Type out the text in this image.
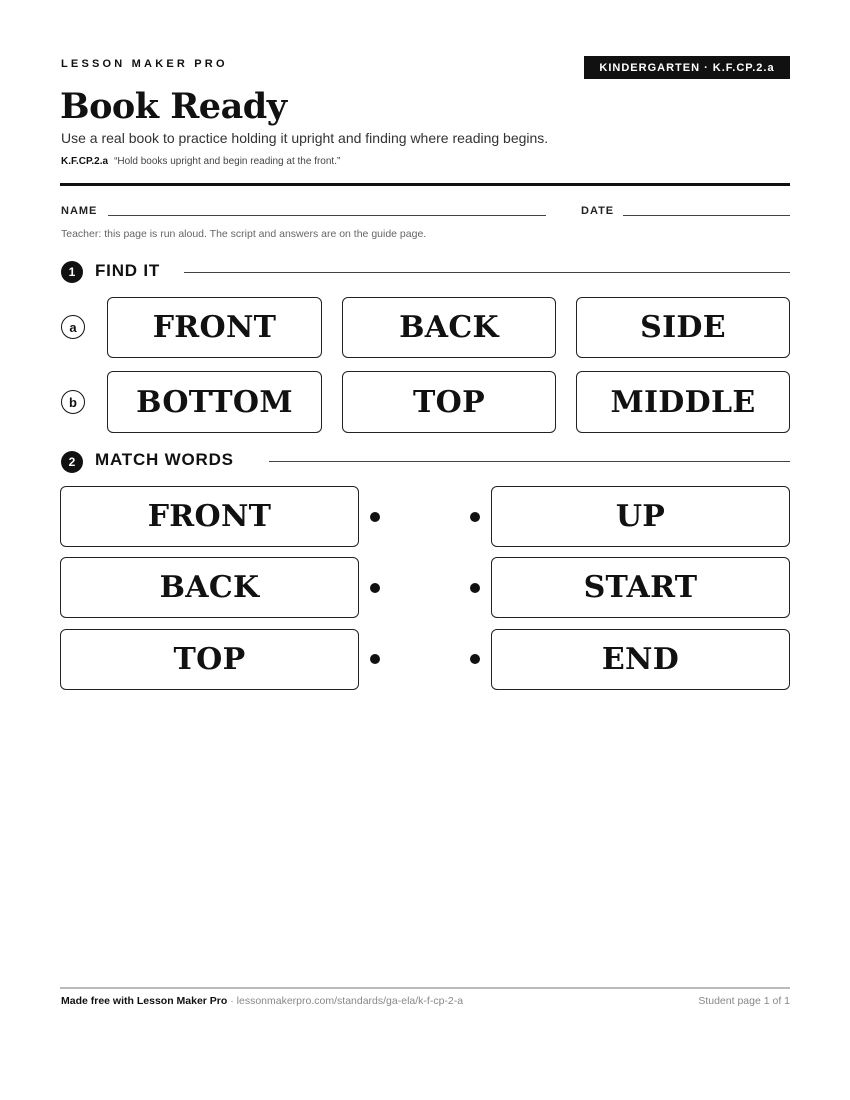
LESSON MAKER PRO	KINDERGARTEN · K.F.CP.2.a
Book Ready
Use a real book to practice holding it upright and finding where reading begins.
K.F.CP.2.a “Hold books upright and begin reading at the front.”
NAME	DATE
Teacher: this page is run aloud. The script and answers are on the guide page.
1	FIND IT
a	FRONT	BACK	SIDE
b	BOTTOM	TOP	MIDDLE
2	MATCH WORDS
FRONT	UP
BACK	START
TOP	END
Made free with Lesson Maker Pro · lessonmakerpro.com/standards/ga-ela/k-f-cp-2-a	Student page 1 of 1
